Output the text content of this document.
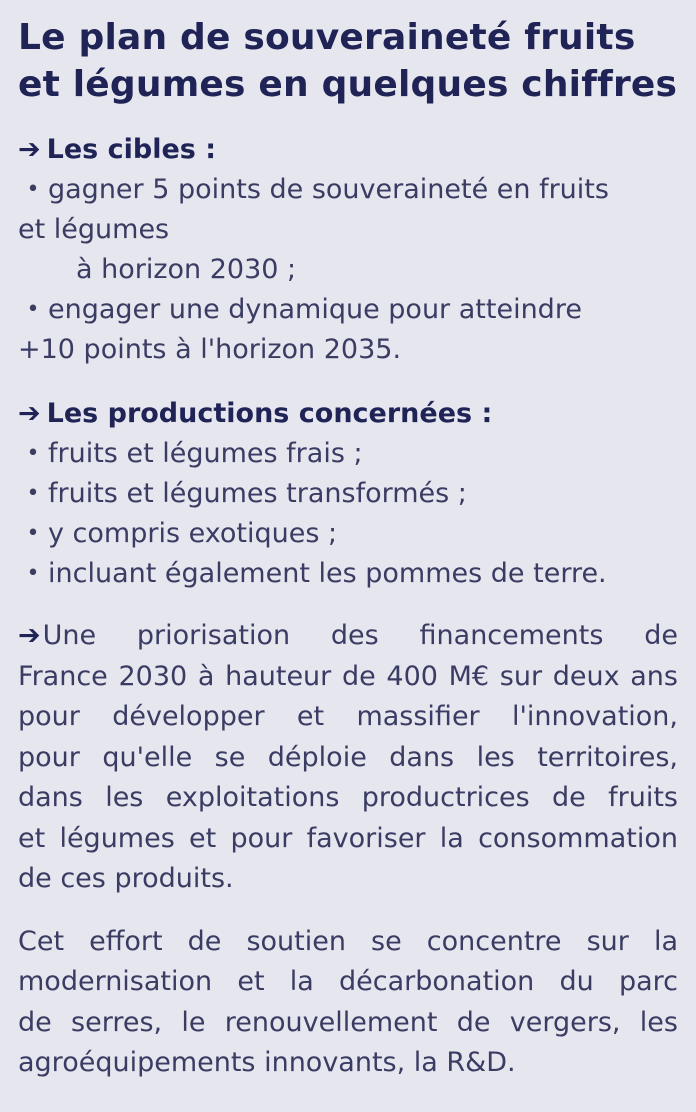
Le plan de souveraineté fruits
et légumes en quelques chiffres
➔ Les cibles :
• gagner 5 points de souveraineté en fruits
et légumes
à horizon 2030 ;
• engager une dynamique pour atteindre
+10 points à l'horizon 2035.
➔ Les productions concernées :
• fruits et légumes frais ;
• fruits et légumes transformés ;
• y compris exotiques ;
• incluant également les pommes de terre.

➔Une priorisation des financements de
France 2030 à hauteur de 400 M€ sur deux ans
pour développer et massifier l'innovation,
pour qu'elle se déploie dans les territoires,
dans les exploitations productrices de fruits
et légumes et pour favoriser la consommation
de ces produits.

Cet effort de soutien se concentre sur la
modernisation et la décarbonation du parc
de serres, le renouvellement de vergers, les
agroéquipements innovants, la R&D.
